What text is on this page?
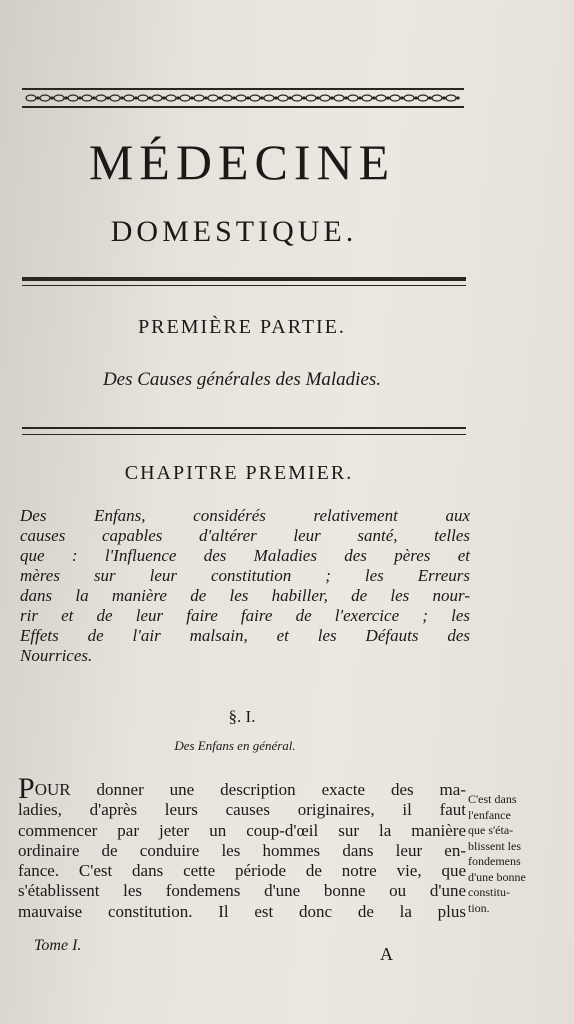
MÉDECINE
DOMESTIQUE.
PREMIÈRE PARTIE.
Des Causes générales des Maladies.
CHAPITRE PREMIER.
Des Enfans, considérés relativement aux
causes capables d'altérer leur santé, telles
que : l'Influence des Maladies des pères et
mères sur leur constitution ; les Erreurs
dans la manière de les habiller, de les nour-
rir et de leur faire faire de l'exercice ; les
Effets de l'air malsain, et les Défauts des
Nourrices.
§. I.
Des Enfans en général.
POUR donner une description exacte des ma-
ladies, d'après leurs causes originaires, il faut
commencer par jeter un coup-d'œil sur la manière
ordinaire de conduire les hommes dans leur en-
fance. C'est dans cette période de notre vie, que
s'établissent les fondemens d'une bonne ou d'une
mauvaise constitution. Il est donc de la plus
C'est dans
l'enfance
que s'éta-
blissent les
fondemens
d'une bonne
constitu-
tion.
Tome I.	A
